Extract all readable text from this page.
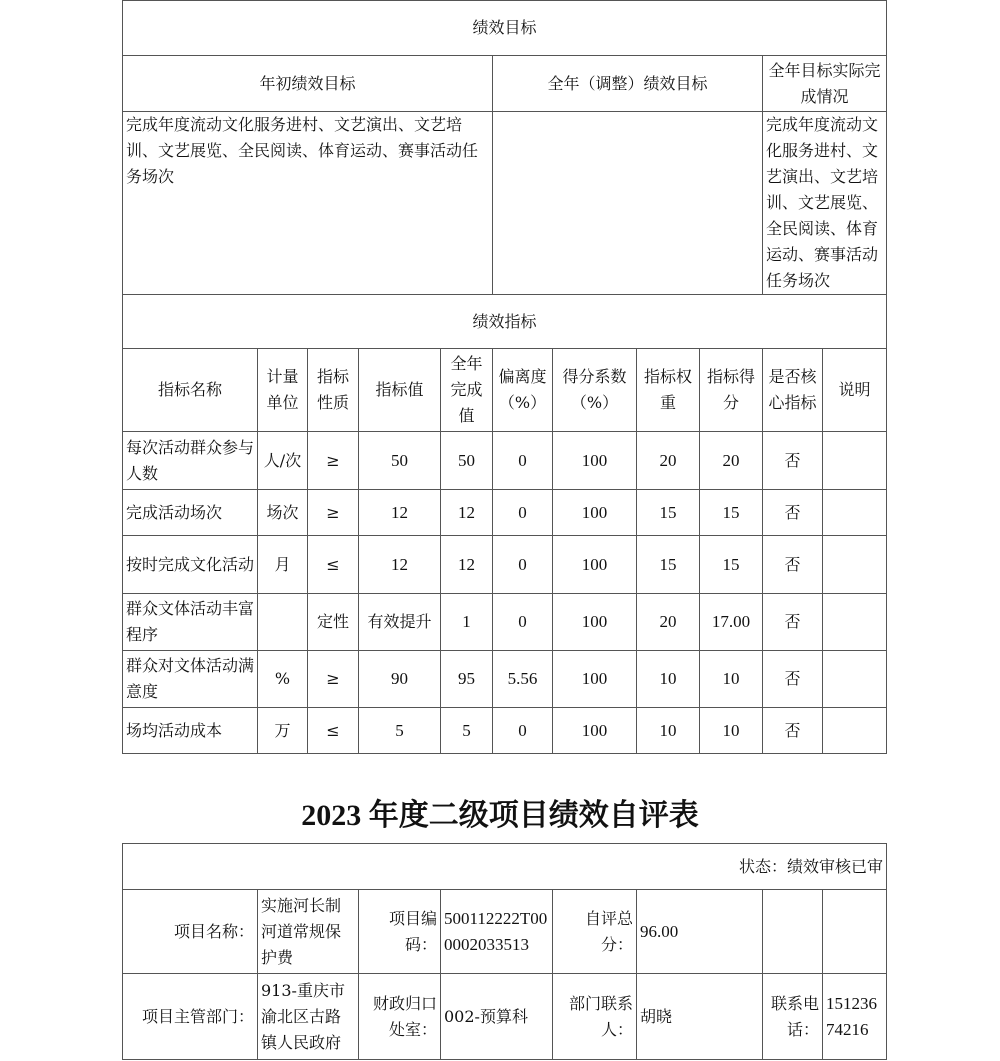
绩效目标										
年初绩效目标					全年（调整）绩效目标				全年目标实际完成情况	
完成年度流动文化服务进村、文艺演出、文艺培训、文艺展览、全民阅读、体育运动、赛事活动任务场次									完成年度流动文化服务进村、文艺演出、文艺培训、文艺展览、全民阅读、体育运动、赛事活动任务场次	
绩效指标										
指标名称	计量单位	指标性质	指标值	全年完成值	偏离度（%）	得分系数（%）	指标权重	指标得分	是否核心指标	说明
每次活动群众参与人数	人/次	≥	50	50	0	100	20	20	否	
完成活动场次	场次	≥	12	12	0	100	15	15	否	
按时完成文化活动	月	≤	12	12	0	100	15	15	否	
群众文体活动丰富程序		定性	有效提升	1	0	100	20	17.00	否	
群众对文体活动满意度	%	≥	90	95	5.56	100	10	10	否	
场均活动成本	万	≤	5	5	0	100	10	10	否	
2023 年度二级项目绩效自评表
状态：绩效审核已审							
项目名称：	实施河长制河道常规保护费	项目编码：	500112222T000002033513	自评总分：	96.00		
项目主管部门：	913-重庆市渝北区古路镇人民政府	财政归口处室：	002-预算科	部门联系人：	胡晓	联系电话：	15123674216
